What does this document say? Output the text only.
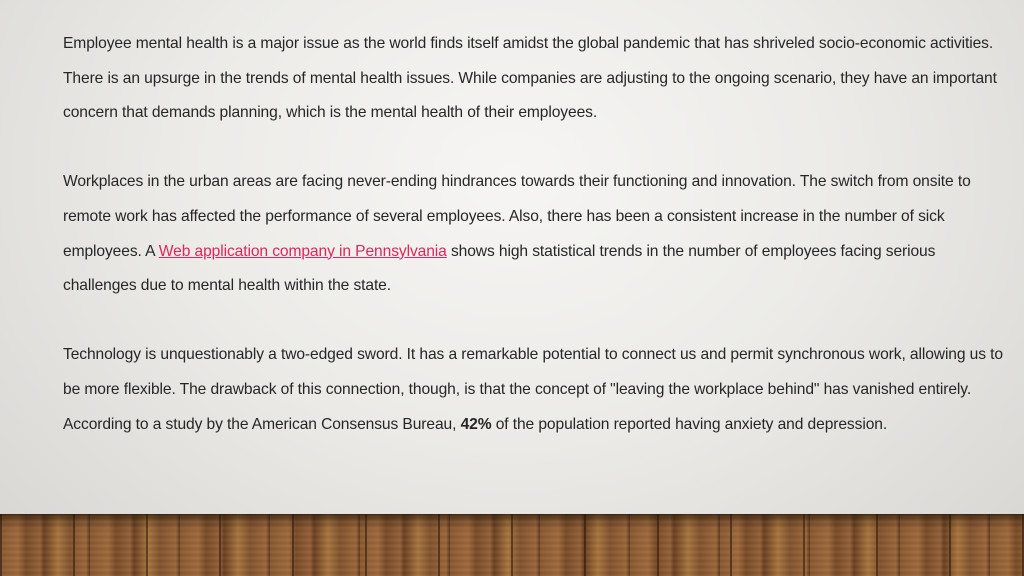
Employee mental health is a major issue as the world finds itself amidst the global pandemic that has shriveled socio-economic activities. There is an upsurge in the trends of mental health issues. While companies are adjusting to the ongoing scenario, they have an important concern that demands planning, which is the mental health of their employees.

Workplaces in the urban areas are facing never-ending hindrances towards their functioning and innovation. The switch from onsite to remote work has affected the performance of several employees. Also, there has been a consistent increase in the number of sick employees. A Web application company in Pennsylvania shows high statistical trends in the number of employees facing serious challenges due to mental health within the state.

Technology is unquestionably a two-edged sword. It has a remarkable potential to connect us and permit synchronous work, allowing us to be more flexible. The drawback of this connection, though, is that the concept of "leaving the workplace behind" has vanished entirely. According to a study by the American Consensus Bureau, 42% of the population reported having anxiety and depression.
